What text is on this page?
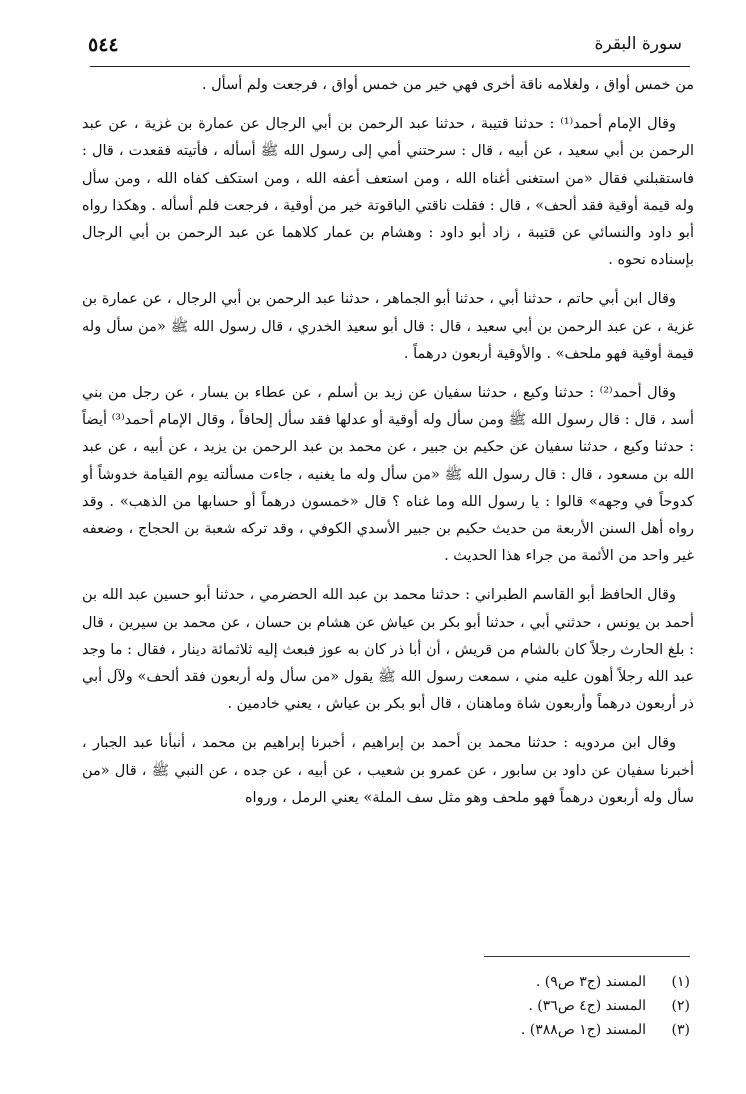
٥٤٤	سورة البقرة

من خمس أواق ، ولغلامه ناقة أخرى فهي خير من خمس أواق ، فرجعت ولم أسأل .

وقال الإمام أحمد⁽¹⁾ : حدثنا قتيبة ، حدثنا عبد الرحمن بن أبي الرجال عن عمارة بن غزية ، عن عبد الرحمن بن أبي سعيد ، عن أبيه ، قال : سرحتني أمي إلى رسول الله ﷺ أسأله ، فأتيته فقعدت ، قال : فاستقبلني فقال «من استغنى أغناه الله ، ومن استعف أعفه الله ، ومن استكف كفاه الله ، ومن سأل وله قيمة أوقية فقد ألحف» ، قال : فقلت ناقتي الياقوتة خير من أوقية ، فرجعت فلم أسأله . وهكذا رواه أبو داود والنسائي عن قتيبة ، زاد أبو داود : وهشام بن عمار كلاهما عن عبد الرحمن بن أبي الرجال بإسناده نحوه .

وقال ابن أبي حاتم ، حدثنا أبي ، حدثنا أبو الجماهر ، حدثنا عبد الرحمن بن أبي الرجال ، عن عمارة بن غزية ، عن عبد الرحمن بن أبي سعيد ، قال : قال أبو سعيد الخدري ، قال رسول الله ﷺ «من سأل وله قيمة أوقية فهو ملحف» . والأوقية أربعون درهماً .

وقال أحمد⁽²⁾ : حدثنا وكيع ، حدثنا سفيان عن زيد بن أسلم ، عن عطاء بن يسار ، عن رجل من بني أسد ، قال : قال رسول الله ﷺ ومن سأل وله أوقية أو عدلها فقد سأل إلحافاً ، وقال الإمام أحمد⁽³⁾ أيضاً : حدثنا وكيع ، حدثنا سفيان عن حكيم بن جبير ، عن محمد بن عبد الرحمن بن يزيد ، عن أبيه ، عن عبد الله بن مسعود ، قال : قال رسول الله ﷺ «من سأل وله ما يغنيه ، جاءت مسألته يوم القيامة خدوشاً أو كدوحاً في وجهه» قالوا : يا رسول الله وما غناه ؟ قال «خمسون درهماً أو حسابها من الذهب» . وقد رواه أهل السنن الأربعة من حديث حكيم بن جبير الأسدي الكوفي ، وقد تركه شعبة بن الحجاج ، وضعفه غير واحد من الأئمة من جراء هذا الحديث .

وقال الحافظ أبو القاسم الطبراني : حدثنا محمد بن عبد الله الحضرمي ، حدثنا أبو حسين عبد الله بن أحمد بن يونس ، حدثني أبي ، حدثنا أبو بكر بن عياش عن هشام بن حسان ، عن محمد بن سيرين ، قال : بلغ الحارث رجلاً كان بالشام من قريش ، أن أبا ذر كان به عوز فبعث إليه ثلاثمائة دينار ، فقال : ما وجد عبد الله رجلاً أهون عليه مني ، سمعت رسول الله ﷺ يقول «من سأل وله أربعون فقد ألحف» ولآل أبي ذر أربعون درهماً وأربعون شاة وماهنان ، قال أبو بكر بن عياش ، يعني خادمين .

وقال ابن مردويه : حدثنا محمد بن أحمد بن إبراهيم ، أخبرنا إبراهيم بن محمد ، أنبأنا عبد الجبار ، أخبرنا سفيان عن داود بن سابور ، عن عمرو بن شعيب ، عن أبيه ، عن جده ، عن النبي ﷺ ، قال «من سأل وله أربعون درهماً فهو ملحف وهو مثل سف الملة» يعني الرمل ، ورواه

(١)
المسند (ج٣ ص٩) .
(٢)
المسند (ج٤ ص٣٦) .
(٣)
المسند (ج١ ص٣٨٨) .
